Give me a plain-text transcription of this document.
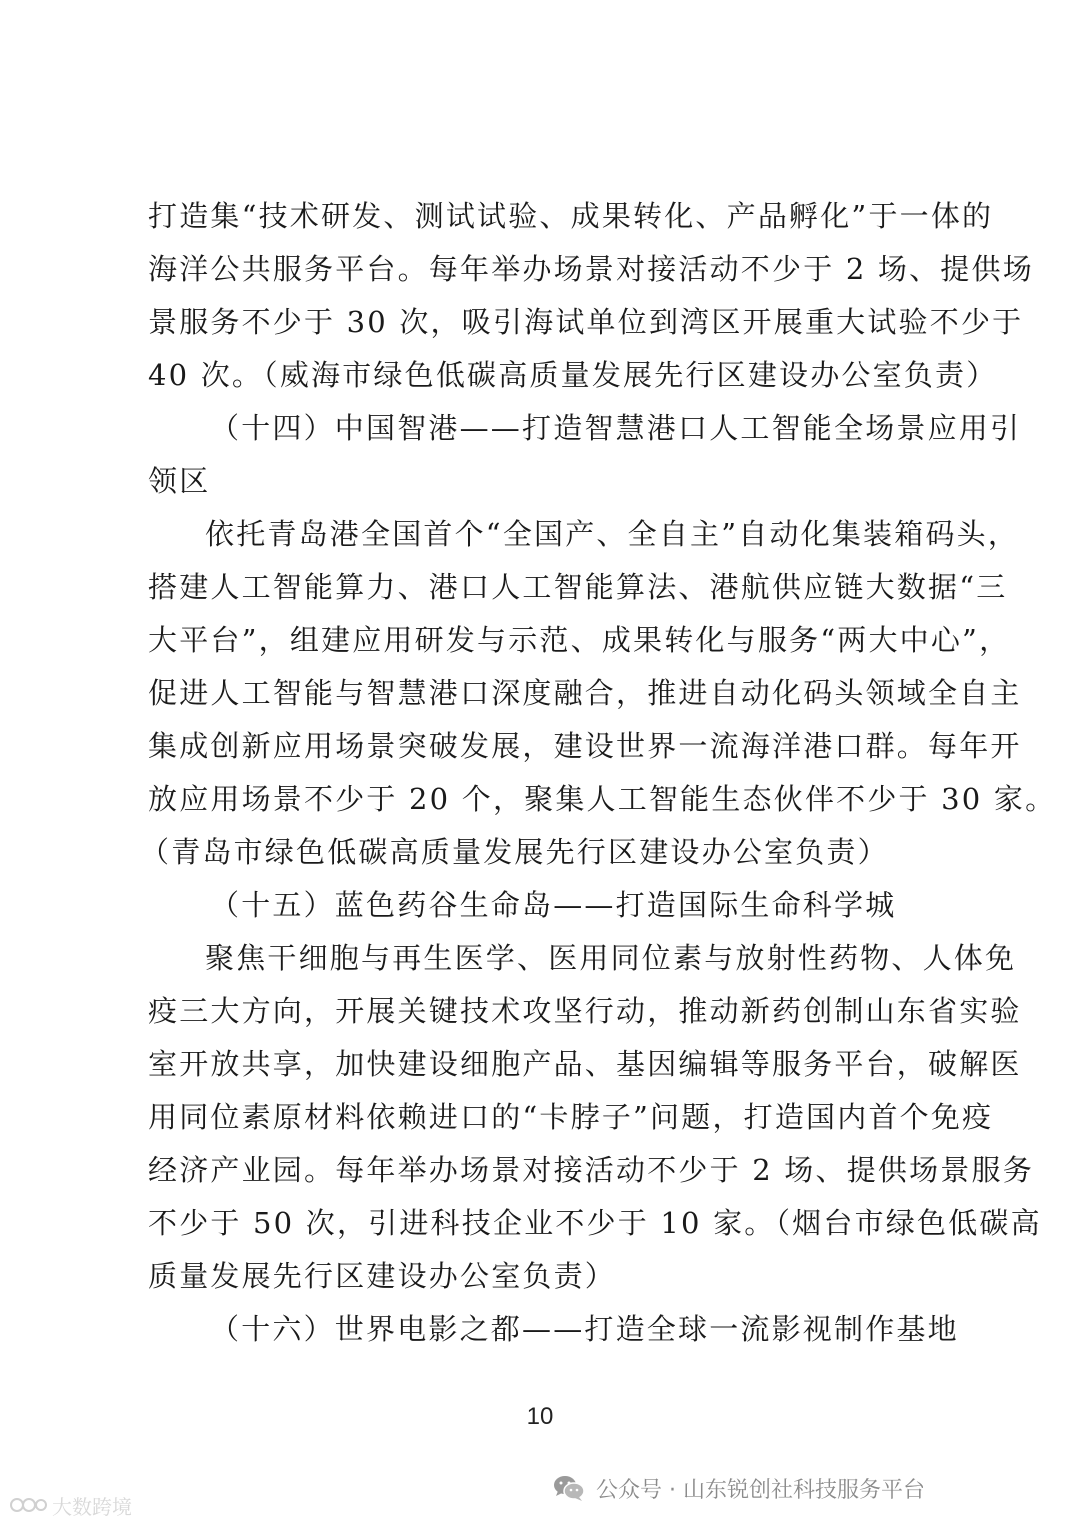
打造集“技术研发、测试试验、成果转化、产品孵化”于一体的
海洋公共服务平台。每年举办场景对接活动不少于 2 场、提供场
景服务不少于 30 次，吸引海试单位到湾区开展重大试验不少于
40 次。（威海市绿色低碳高质量发展先行区建设办公室负责）
（十四）中国智港——打造智慧港口人工智能全场景应用引
领区
依托青岛港全国首个“全国产、全自主”自动化集装箱码头，
搭建人工智能算力、港口人工智能算法、港航供应链大数据“三
大平台”，组建应用研发与示范、成果转化与服务“两大中心”，
促进人工智能与智慧港口深度融合，推进自动化码头领域全自主
集成创新应用场景突破发展，建设世界一流海洋港口群。每年开
放应用场景不少于 20 个，聚集人工智能生态伙伴不少于 30 家。
（青岛市绿色低碳高质量发展先行区建设办公室负责）
（十五）蓝色药谷生命岛——打造国际生命科学城
聚焦干细胞与再生医学、医用同位素与放射性药物、人体免
疫三大方向，开展关键技术攻坚行动，推动新药创制山东省实验
室开放共享，加快建设细胞产品、基因编辑等服务平台，破解医
用同位素原材料依赖进口的“卡脖子”问题，打造国内首个免疫
经济产业园。每年举办场景对接活动不少于 2 场、提供场景服务
不少于 50 次，引进科技企业不少于 10 家。（烟台市绿色低碳高
质量发展先行区建设办公室负责）
（十六）世界电影之都——打造全球一流影视制作基地
10
公众号 · 山东锐创社科技服务平台
大数跨境
